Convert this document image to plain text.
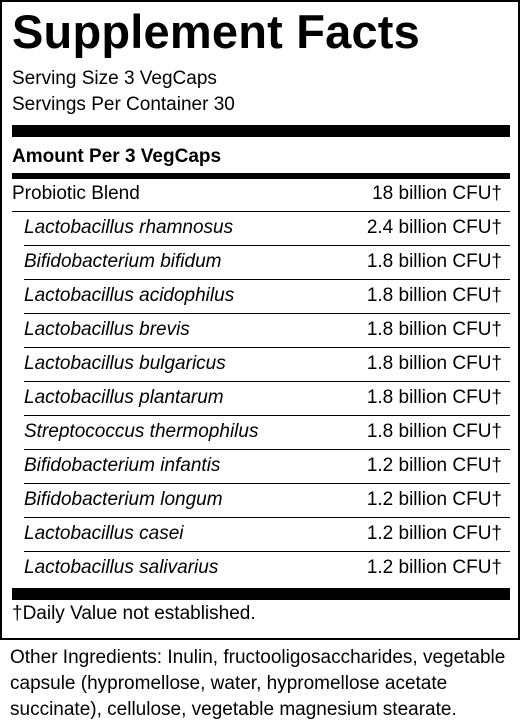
Supplement Facts
Serving Size 3 VegCaps
Servings Per Container 30
Amount Per 3 VegCaps
Probiotic Blend	18 billion CFU†
Lactobacillus rhamnosus	2.4 billion CFU†
Bifidobacterium bifidum	1.8 billion CFU†
Lactobacillus acidophilus	1.8 billion CFU†
Lactobacillus brevis	1.8 billion CFU†
Lactobacillus bulgaricus	1.8 billion CFU†
Lactobacillus plantarum	1.8 billion CFU†
Streptococcus thermophilus	1.8 billion CFU†
Bifidobacterium infantis	1.2 billion CFU†
Bifidobacterium longum	1.2 billion CFU†
Lactobacillus casei	1.2 billion CFU†
Lactobacillus salivarius	1.2 billion CFU†
†Daily Value not established.
Other Ingredients: Inulin, fructooligosaccharides, vegetable capsule (hypromellose, water, hypromellose acetate succinate), cellulose, vegetable magnesium stearate.
